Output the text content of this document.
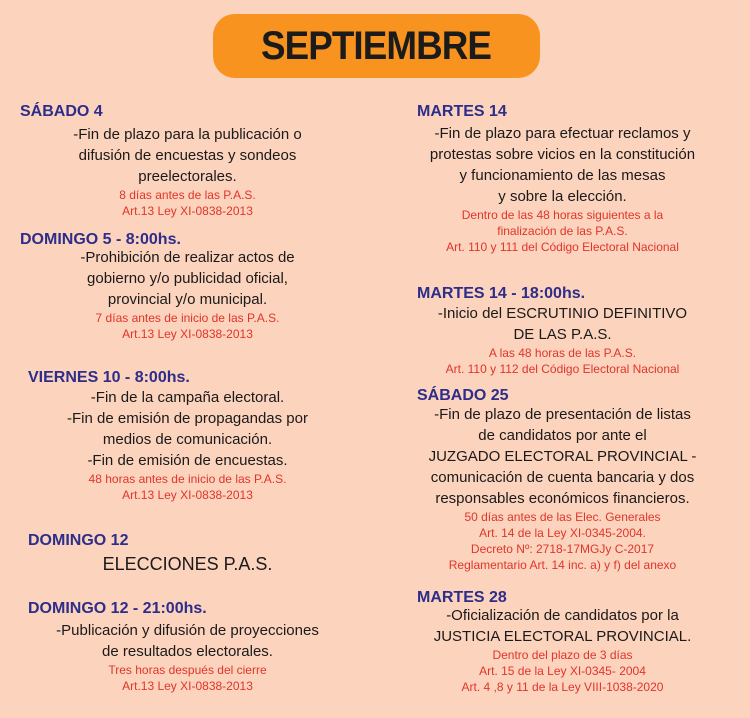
SEPTIEMBRE
SÁBADO 4
-Fin de plazo para la publicación o
difusión de encuestas y sondeos
preelectorales.
8 días antes de las P.A.S.
Art.13 Ley XI-0838-2013
DOMINGO 5 - 8:00hs.
-Prohibición de realizar actos de
gobierno y/o publicidad oficial,
provincial y/o municipal.
7 días antes de inicio de las P.A.S.
Art.13 Ley XI-0838-2013
VIERNES 10 - 8:00hs.
-Fin de la campaña electoral.
-Fin de emisión de propagandas por
medios de comunicación.
-Fin de emisión de encuestas.
48 horas antes de inicio de las P.A.S.
Art.13 Ley XI-0838-2013
DOMINGO 12
ELECCIONES P.A.S.
DOMINGO 12 - 21:00hs.
-Publicación y difusión de proyecciones
de resultados electorales.
Tres horas después del cierre
Art.13 Ley XI-0838-2013
MARTES 14
-Fin de plazo para efectuar reclamos y
protestas sobre vicios en la constitución
y funcionamiento de las mesas
y sobre la elección.
Dentro de las 48 horas siguientes a la
finalización de las P.A.S.
Art. 110 y 111 del Código Electoral Nacional
MARTES 14 - 18:00hs.
-Inicio del ESCRUTINIO DEFINITIVO
DE LAS P.A.S.
A las 48 horas de las P.A.S.
Art. 110 y 112 del Código Electoral Nacional
SÁBADO 25
-Fin de plazo de presentación de listas
de candidatos por ante el
JUZGADO ELECTORAL PROVINCIAL -
comunicación de cuenta bancaria y dos
responsables económicos financieros.
50 días antes de las Elec. Generales
Art. 14 de la Ley XI-0345-2004.
Decreto Nº: 2718-17MGJy C-2017
Reglamentario Art. 14 inc. a) y f) del anexo
MARTES 28
-Oficialización de candidatos por la
JUSTICIA ELECTORAL PROVINCIAL.
Dentro del plazo de 3 días
Art. 15 de la Ley XI-0345- 2004
Art. 4 ,8 y 11 de la Ley VIII-1038-2020
